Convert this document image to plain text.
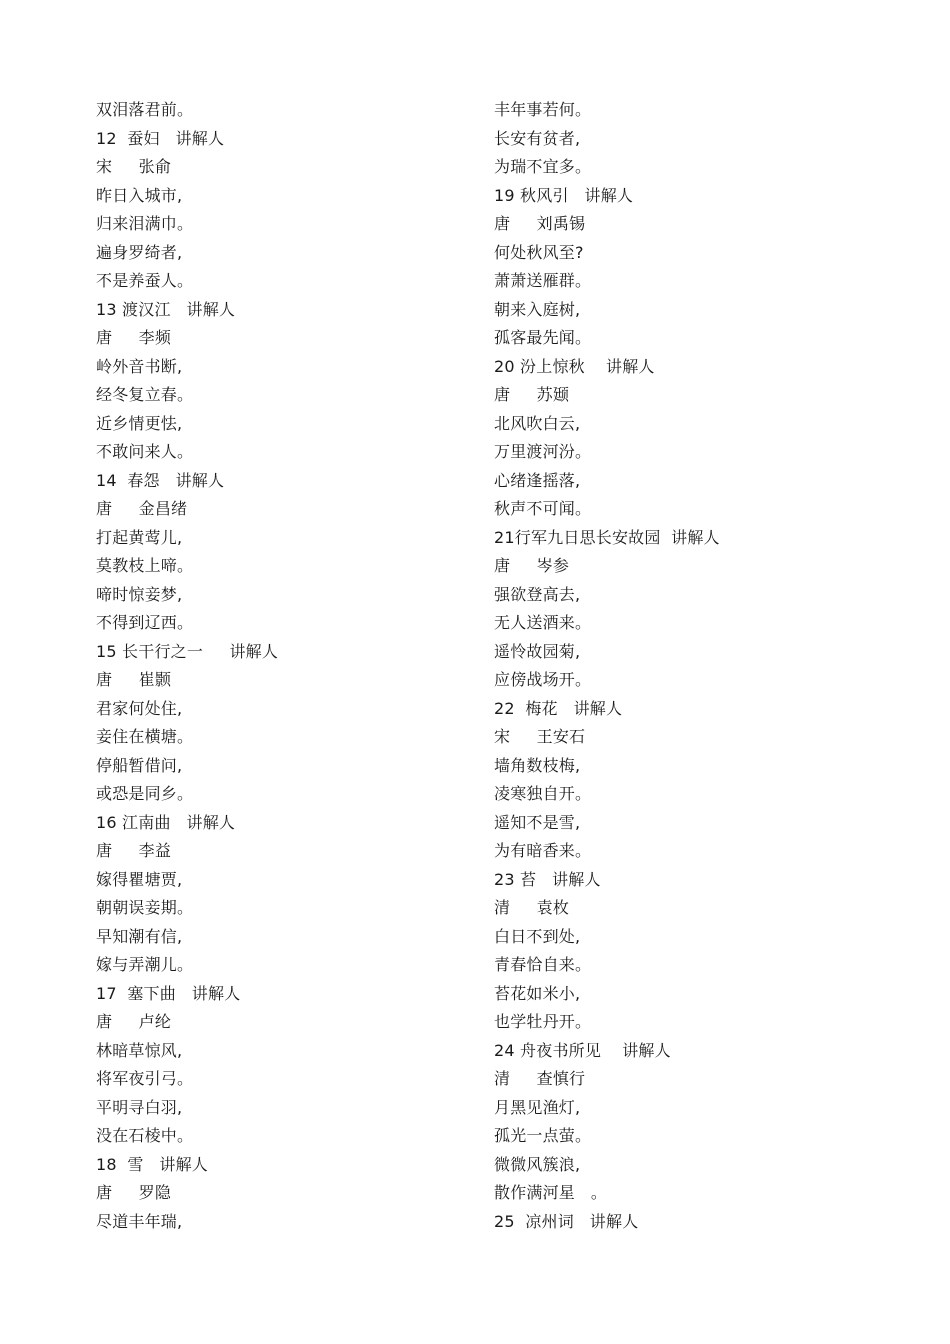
双泪落君前。
12  蚕妇   讲解人
宋     张俞
昨日入城市,
归来泪满巾。
遍身罗绮者,
不是养蚕人。
13 渡汉江   讲解人
唐     李频
岭外音书断,
经冬复立春。
近乡情更怯,
不敢问来人。
14  春怨   讲解人
唐     金昌绪
打起黄莺儿,
莫教枝上啼。
啼时惊妾梦,
不得到辽西。
15 长干行之一     讲解人
唐     崔颢
君家何处住,
妾住在横塘。
停船暂借问,
或恐是同乡。
16 江南曲   讲解人
唐     李益
嫁得瞿塘贾,
朝朝误妾期。
早知潮有信,
嫁与弄潮儿。
17  塞下曲   讲解人
唐     卢纶
林暗草惊风,
将军夜引弓。
平明寻白羽,
没在石棱中。
18  雪   讲解人
唐     罗隐
尽道丰年瑞,
丰年事若何。
长安有贫者,
为瑞不宜多。
19 秋风引   讲解人
唐     刘禹锡
何处秋风至?
萧萧送雁群。
朝来入庭树,
孤客最先闻。
20 汾上惊秋    讲解人
唐     苏颋
北风吹白云,
万里渡河汾。
心绪逢摇落,
秋声不可闻。
21行军九日思长安故园  讲解人
唐     岑参
强欲登高去,
无人送酒来。
遥怜故园菊,
应傍战场开。
22  梅花   讲解人
宋     王安石
墙角数枝梅,
凌寒独自开。
遥知不是雪,
为有暗香来。
23 苔   讲解人
清     袁枚
白日不到处,
青春恰自来。
苔花如米小,
也学牡丹开。
24 舟夜书所见    讲解人
清     查慎行
月黑见渔灯,
孤光一点萤。
微微风簇浪,
散作满河星   。
25  凉州词   讲解人
